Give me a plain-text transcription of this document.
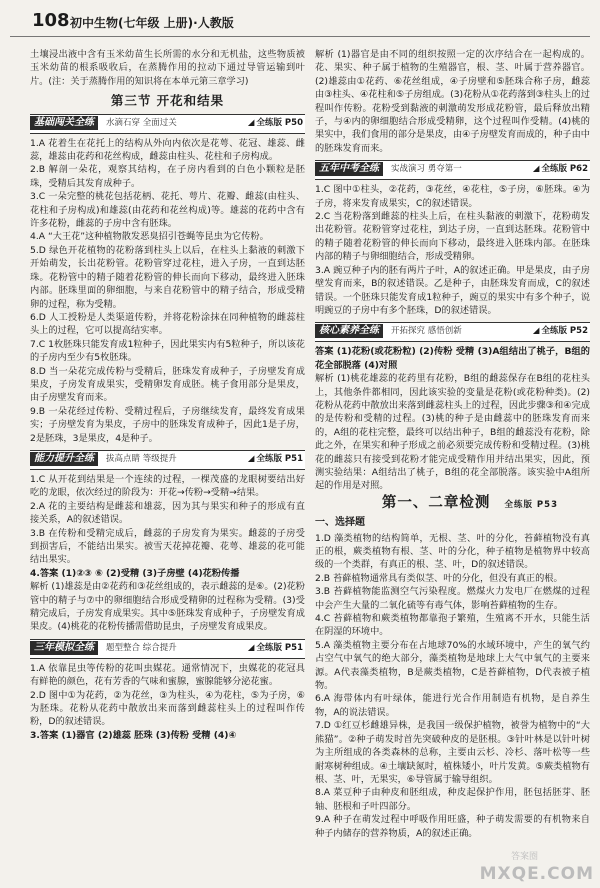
108 初中生物(七年级 上册)·人教版

土壤浸出液中含有玉米幼苗生长所需的水分和无机盐，这些物质被玉米幼苗的根系吸收后，在蒸腾作用的拉动下通过导管运输到叶片。(注：关于蒸腾作用的知识将在本单元第三章学习)

第三节 开花和结果
基础闯关全练	水滴石穿 全面过关	◢ 全练版 P50

1.A 花着生在花托上的结构从外向内依次是花萼、花冠、雄蕊、雌蕊，雄蕊由花药和花丝构成，雌蕊由柱头、花柱和子房构成。

2.B 解剖一朵花，观察其结构，在子房内看到的白色小颗粒是胚珠，受精后其发育成种子。

3.C 一朵完整的桃花包括花柄、花托、萼片、花瓣、雌蕊(由柱头、花柱和子房构成)和雄蕊(由花药和花丝构成)等。雄蕊的花药中含有许多花粉，雌蕊的子房中含有胚珠。

4.A “大王花”这种植物散发恶臭招引苍蝇等昆虫为它传粉。

5.D 绿色开花植物的花粉落到柱头上以后，在柱头上黏液的刺激下开始萌发，长出花粉管。花粉管穿过花柱，进入子房，一直到达胚珠。花粉管中的精子随着花粉管的伸长而向下移动，最终进入胚珠内部。胚珠里面的卵细胞，与来自花粉管中的精子结合，形成受精卵的过程，称为受精。

6.D 人工授粉是人类渠道传粉，并将花粉涂抹在同种植物的雌蕊柱头上的过程，它可以提高结实率。

7.C 1枚胚珠只能发育成1粒种子，因此果实内有5粒种子，所以该花的子房内至少有5枚胚珠。

8.D 当一朵花完成传粉与受精后，胚珠发育成种子，子房壁发育成果皮，子房发育成果实，受精卵发育成胚。桃子食用部分是果皮，由子房壁发育而来。

9.B 一朵花经过传粉、受精过程后，子房继续发育，最终发育成果实；子房壁发育为果皮，子房中的胚珠发育成种子，因此1是子房，2是胚珠，3是果皮，4是种子。

能力提升全练	拔高点睛 等级提升	◢ 全练版 P51

1.C 从开花到结果是一个连续的过程，一棵茂盛的龙眼树要结出好吃的龙眼，依次经过的阶段为：开花→传粉→受精→结果。

2.A 花的主要结构是雌蕊和雄蕊，因为其与果实和种子的形成有直接关系，A的叙述错误。

3.B 在传粉和受精完成后，雌蕊的子房发育为果实。雌蕊的子房受到损害后，不能结出果实。被雪天花掉花瓣、花萼、雄蕊的花可能结出果实。

4.答案 (1)②③ ⑥ (2)受精 (3)子房壁 (4)花粉传播

解析 (1)雄蕊是由②花药和③花丝组成的，表示雌蕊的是⑥。(2)花粉管中的精子与⑦中的卵细胞结合形成受精卵的过程称为受精。(3)受精完成后，子房发育成果实。其中⑤胚珠发育成种子，子房壁发育成果皮。(4)桃花的花粉传播需借助昆虫，子房壁发育成果皮。

三年模拟全练	题型整合 综合提升	◢ 全练版 P51

1.A 依靠昆虫等传粉的花叫虫媒花。通常情况下，虫媒花的花冠具有鲜艳的颜色，花有芳香的气味和蜜腺，蜜腺能够分泌花蜜。

2.D 图中①为花药，②为花丝，③为柱头，④为花柱，⑤为子房，⑥为胚珠。花粉从花药中散放出来而落到雌蕊柱头上的过程叫作传粉，D的叙述错误。

3.答案 (1)器官 (2)雄蕊 胚珠 (3)传粉 受精 (4)④

解析 (1)器官是由不同的组织按照一定的次序结合在一起构成的。花、果实、种子属于植物的生殖器官，根、茎、叶属于营养器官。(2)雄蕊由①花药、⑥花丝组成，④子房壁和⑤胚珠合称子房，雌蕊由③柱头、④花柱和⑤子房组成。(3)花粉从①花药落到③柱头上的过程叫作传粉。花粉受到黏液的刺激萌发形成花粉管，最后释放出精子，与④内的卵细胞结合形成受精卵，这个过程叫作受精。(4)桃的果实中，我们食用的部分是果皮，由④子房壁发育而成的，种子由中的胚珠发育而来。

五年中考全练	实战演习 勇夺第一	◢ 全练版 P62

1.C 图中①柱头，②花药，③花丝，④花柱，⑤子房，⑥胚珠。④为子房，将来发育成果实，C的叙述错误。

2.C 当花粉落到雌蕊的柱头上后，在柱头黏液的刺激下，花粉萌发出花粉管。花粉管穿过花柱，到达子房，一直到达胚珠。花粉管中的精子随着花粉管的伸长而向下移动，最终进入胚珠内部。在胚珠内部的精子与卵细胞结合，形成受精卵。

3.A 豌豆种子内的胚有两片子叶，A的叙述正确。甲是果皮，由子房壁发育而来，B的叙述错误。乙是种子，由胚珠发育而成，C的叙述错误。一个胚珠只能发育成1粒种子，豌豆的果实中有多个种子，说明豌豆的子房中有多个胚珠，D的叙述错误。

核心素养全练	开拓探究 感悟创新	◢ 全练版 P52

答案 (1)花粉(或花粉粒) (2)传粉 受精 (3)A组结出了桃子，B组的花全部脱落 (4)对照

解析 (1)桃花雄蕊的花药里有花粉，B组的雌蕊保存在B组的花柱头上，其他条件都相同，因此该实验的变量是花粉(或花粉种类)。(2)花粉从花药中散放出来落到雌蕊柱头上的过程，因此步骤③和④完成的是传粉和受精的过程。(3)桃的种子是由雌蕊中的胚珠发育而来的，A组的花柱完整，最终可以结出种子，B组的雌蕊没有花粉，除此之外，在果实和种子形成之前必须要完成传粉和受精过程。(3)桃花的雌蕊只有接受到花粉才能完成受精作用并结出果实，因此，预测实验结果：A组结出了桃子，B组的花全部脱落。该实验中A组所起的作用是对照。

第一、二章检测 全练版 P53
一、选择题

1.D 藻类植物的结构简单，无根、茎、叶的分化，苔藓植物没有真正的根，蕨类植物有根、茎、叶的分化，种子植物是植物界中较高级的一个类群，有真正的根、茎、叶，D的叙述错误。

2.B 苔藓植物通常具有类似茎、叶的分化，但没有真正的根。

3.B 苔藓植物能监测空气污染程度。燃煤火力发电厂在燃煤的过程中会产生大量的二氧化硫等有毒气体，影响苔藓植物的生存。

4.C 苔藓植物和蕨类植物都靠孢子繁殖，生殖离不开水，只能生活在阴湿的环境中。

5.A 藻类植物主要分布在占地球70%的水域环境中，产生的氧气约占空气中氧气的绝大部分，藻类植物是地球上大气中氧气的主要来源。A代表藻类植物，B是蕨类植物，C是苔藓植物，D代表被子植物。

6.A 海带体内有叶绿体，能进行光合作用制造有机物，是自养生物，A的说法错误。

7.D ①红豆杉雌雄异株，是我国一级保护植物，被誉为植物中的“大熊猫”。②种子萌发时首先突破种皮的是胚根。③针叶林是以针叶树为主所组成的各类森林的总称，主要由云杉、冷杉、落叶松等一些耐寒树种组成。④土壤缺氮时，植株矮小，叶片发黄。⑤蕨类植物有根、茎、叶，无果实，⑥导管属于输导组织。

8.A 菜豆种子由种皮和胚组成，种皮起保护作用，胚包括胚芽、胚轴、胚根和子叶四部分。

9.A 种子在萌发过程中呼吸作用旺盛，种子萌发需要的有机物来自种子内储存的营养物质，A的叙述正确。

答案圈
MXQE.COM
